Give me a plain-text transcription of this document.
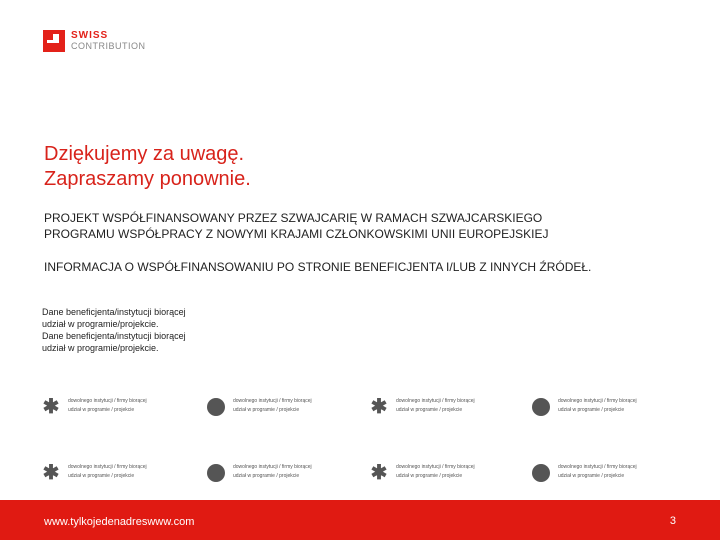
SWISS
CONTRIBUTION
Dziękujemy za uwagę.
Zapraszamy ponownie.
PROJEKT WSPÓŁFINANSOWANY PRZEZ SZWAJCARIĘ W RAMACH SZWAJCARSKIEGO
PROGRAMU WSPÓŁPRACY Z NOWYMI KRAJAMI CZŁONKOWSKIMI UNII EUROPEJSKIEJ
INFORMACJA O WSPÓŁFINANSOWANIU PO STRONIE BENEFICJENTA I/LUB Z INNYCH ŹRÓDEŁ.
Dane beneficjenta/instytucji biorącej
udział w programie/projekcie.
Dane beneficjenta/instytucji biorącej
udział w programie/projekcie.
✱ dowolnego instytucji / firmy biorącej
udział w programie / projekcie
dowolnego instytucji / firmy biorącej
udział w programie / projekcie	✱ dowolnego instytucji / firmy biorącej
udział w programie / projekcie
dowolnego instytucji / firmy biorącej
udział w programie / projekcie
✱ dowolnego instytucji / firmy biorącej
udział w programie / projekcie
dowolnego instytucji / firmy biorącej
udział w programie / projekcie	✱ dowolnego instytucji / firmy biorącej
udział w programie / projekcie
dowolnego instytucji / firmy biorącej
udział w programie / projekcie
www.tylkojedenadreswww.com	3
